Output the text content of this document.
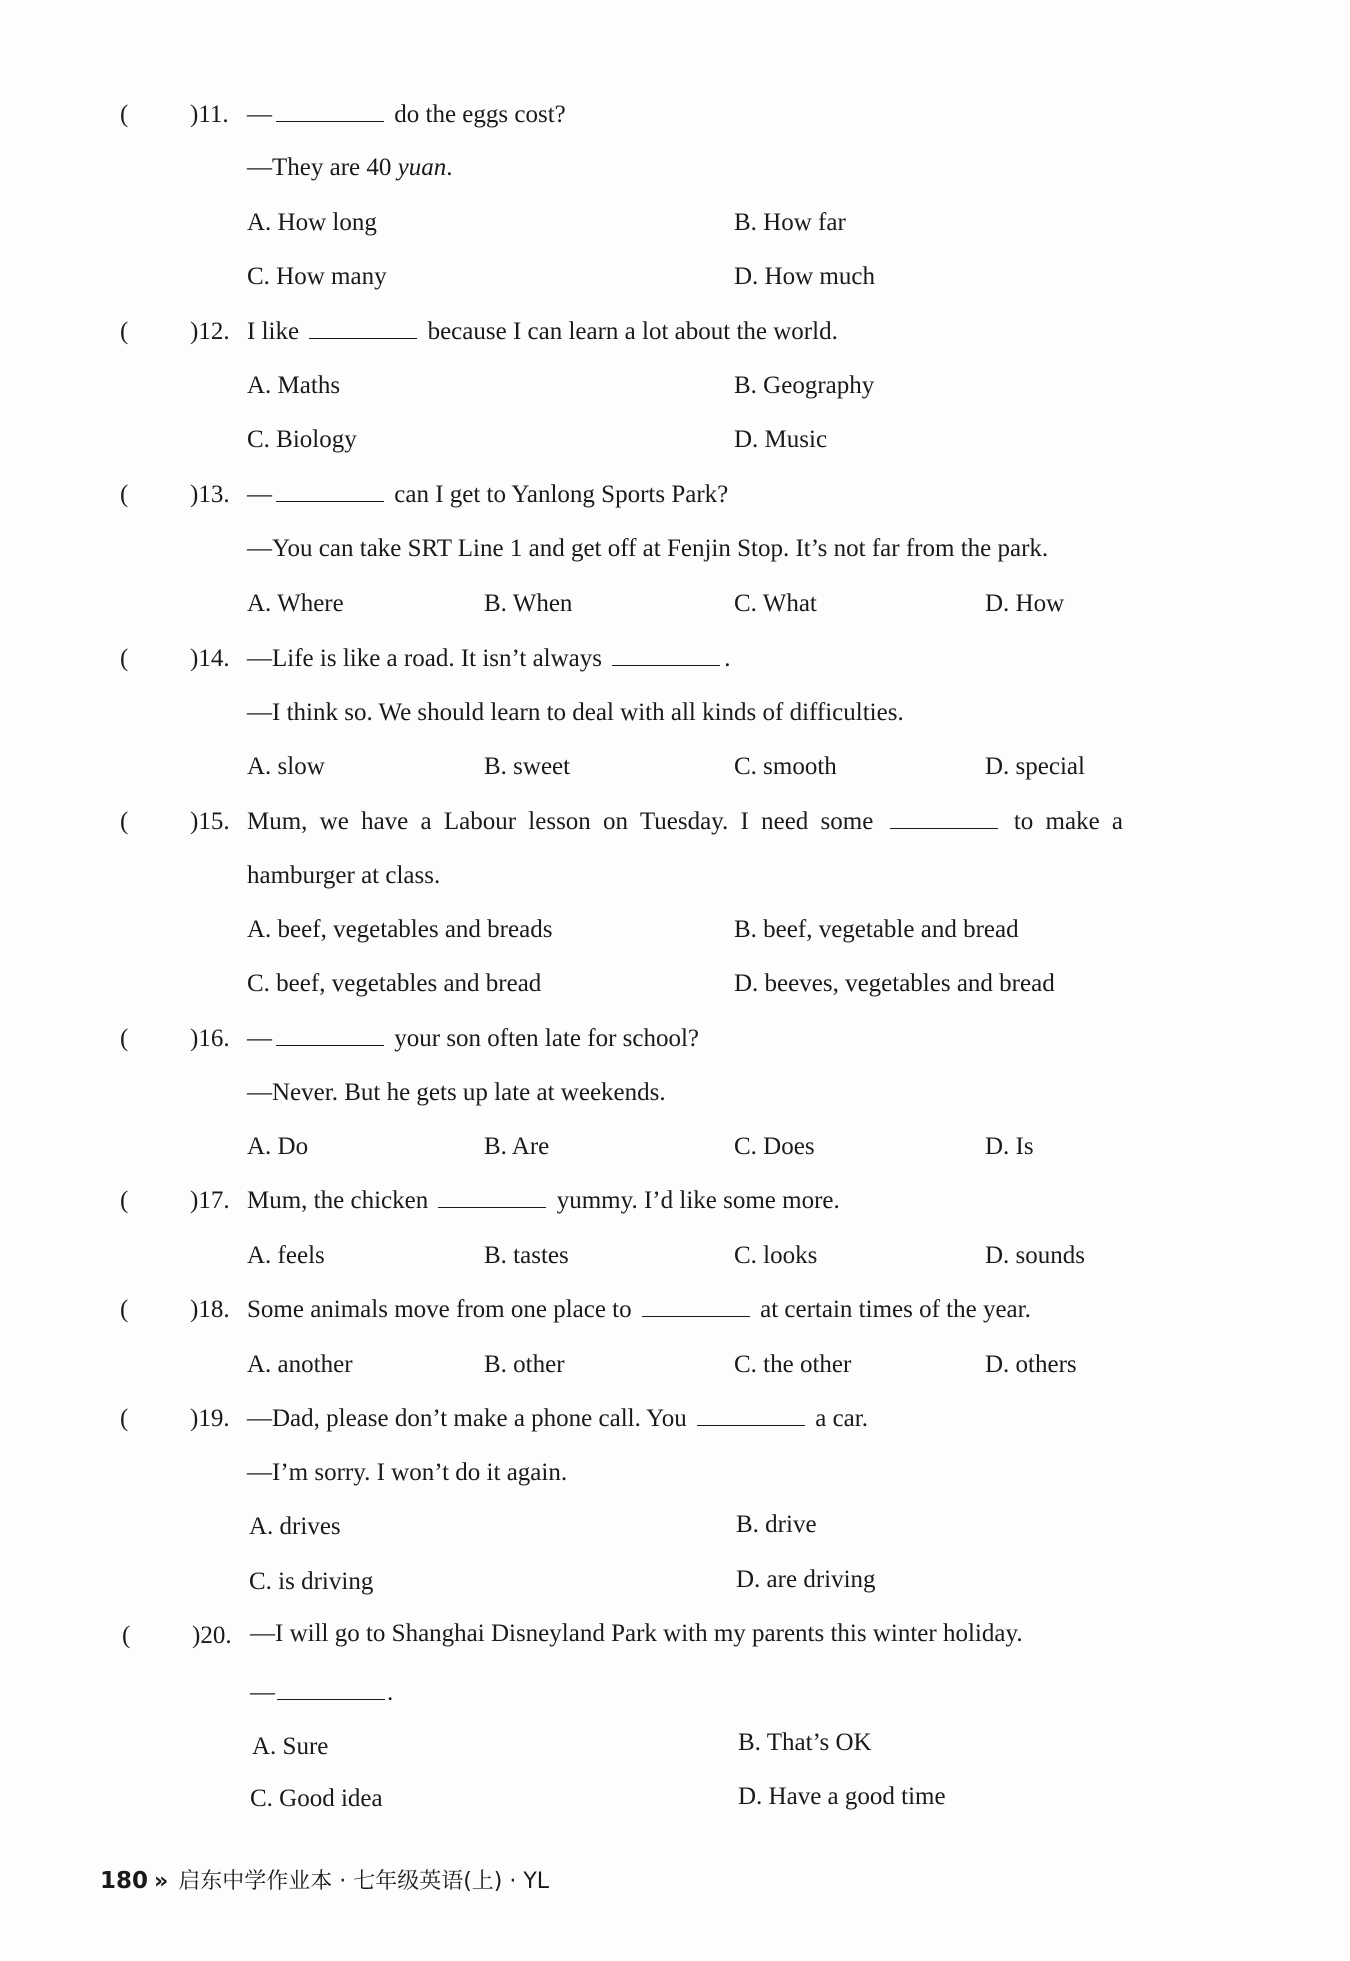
( )11. —	do the eggs cost?
—They are 40 yuan.
A. How long	B. How far
C. How many	D. How much
( )12. I like	because I can learn a lot about the world.
A. Maths	B. Geography
C. Biology	D. Music
( )13. —	can I get to Yanlong Sports Park?
—You can take SRT Line 1 and get off at Fenjin Stop. It’s not far from the park.
A. Where	B. When	C. What	D. How
( )14. —Life is like a road. It isn’t always	.
—I think so. We should learn to deal with all kinds of difficulties.
A. slow	B. sweet	C. smooth	D. special
( )15. Mum, we have a Labour lesson on Tuesday. I need some	to make a
hamburger at class.
A. beef, vegetables and breads	B. beef, vegetable and bread
C. beef, vegetables and bread	D. beeves, vegetables and bread
( )16. —	your son often late for school?
—Never. But he gets up late at weekends.
A. Do	B. Are	C. Does	D. Is
( )17. Mum, the chicken	yummy. I’d like some more.
A. feels	B. tastes	C. looks	D. sounds
( )18. Some animals move from one place to	at certain times of the year.
A. another	B. other	C. the other	D. others
( )19. —Dad, please don’t make a phone call. You	a car.
—I’m sorry. I won’t do it again.
A. drives	B. drive
C. is driving	D. are driving
( )20. —I will go to Shanghai Disneyland Park with my parents this winter holiday.
—	.
A. Sure	B. That’s OK
C. Good idea	D. Have a good time
180 » 启东中学作业本 · 七年级英语(上) · YL
